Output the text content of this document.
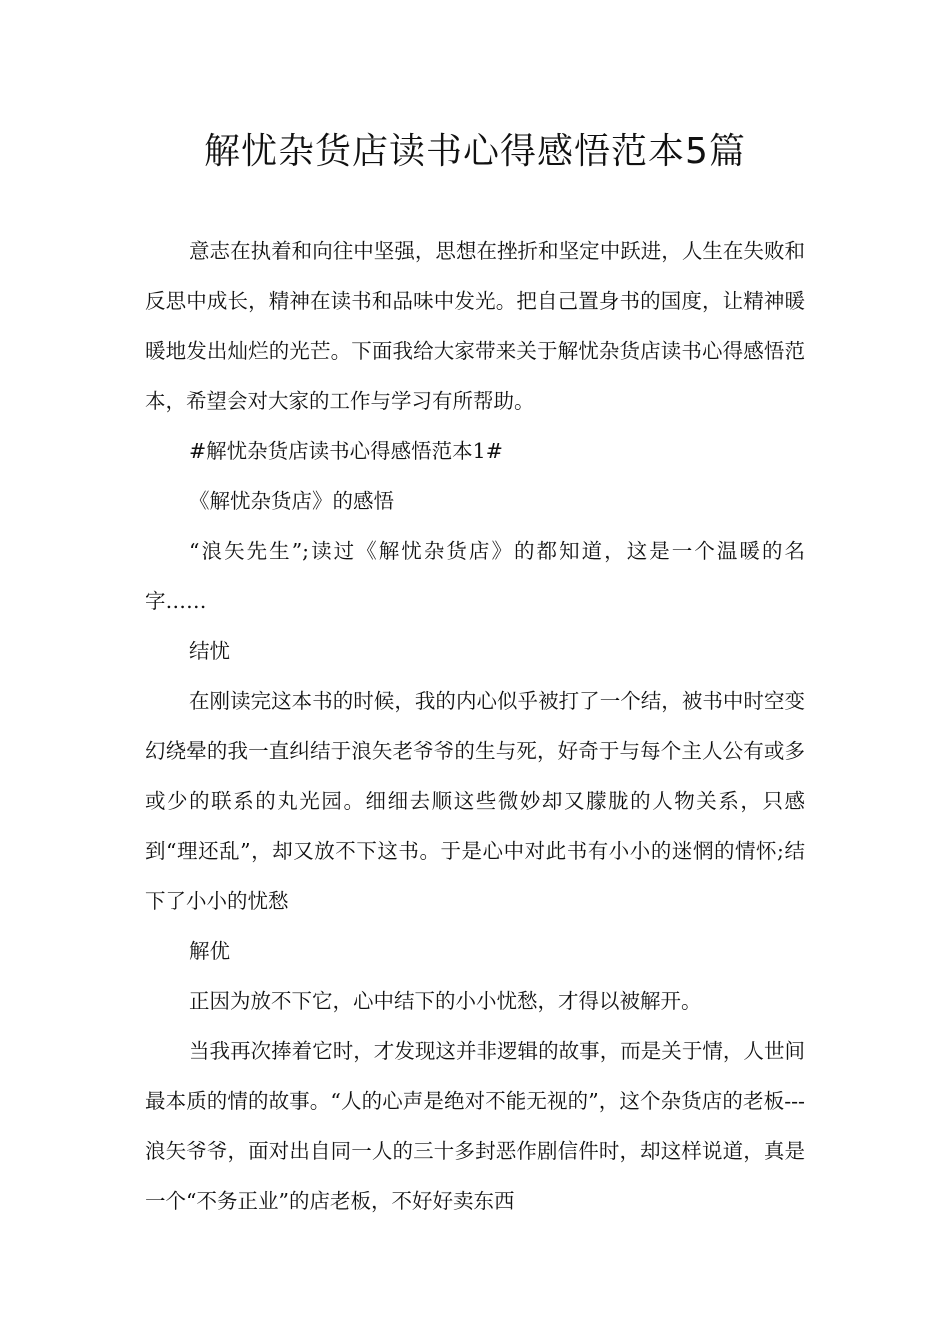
解忧杂货店读书心得感悟范本5篇

意志在执着和向往中坚强，思想在挫折和坚定中跃进，人生在失败和反思中成长，精神在读书和品味中发光。把自己置身书的国度，让精神暖暖地发出灿烂的光芒。下面我给大家带来关于解忧杂货店读书心得感悟范本，希望会对大家的工作与学习有所帮助。

#解忧杂货店读书心得感悟范本1#

《解忧杂货店》的感悟

“浪矢先生”;读过《解忧杂货店》的都知道，这是一个温暖的名字……

结忧

在刚读完这本书的时候，我的内心似乎被打了一个结，被书中时空变幻绕晕的我一直纠结于浪矢老爷爷的生与死，好奇于与每个主人公有或多或少的联系的丸光园。细细去顺这些微妙却又朦胧的人物关系，只感到“理还乱”，却又放不下这书。于是心中对此书有小小的迷惘的情怀;结下了小小的忧愁

解优

正因为放不下它，心中结下的小小忧愁，才得以被解开。

当我再次捧着它时，才发现这并非逻辑的故事，而是关于情，人世间最本质的情的故事。“人的心声是绝对不能无视的”，这个杂货店的老板---浪矢爷爷，面对出自同一人的三十多封恶作剧信件时，却这样说道，真是一个“不务正业”的店老板，不好好卖东西
